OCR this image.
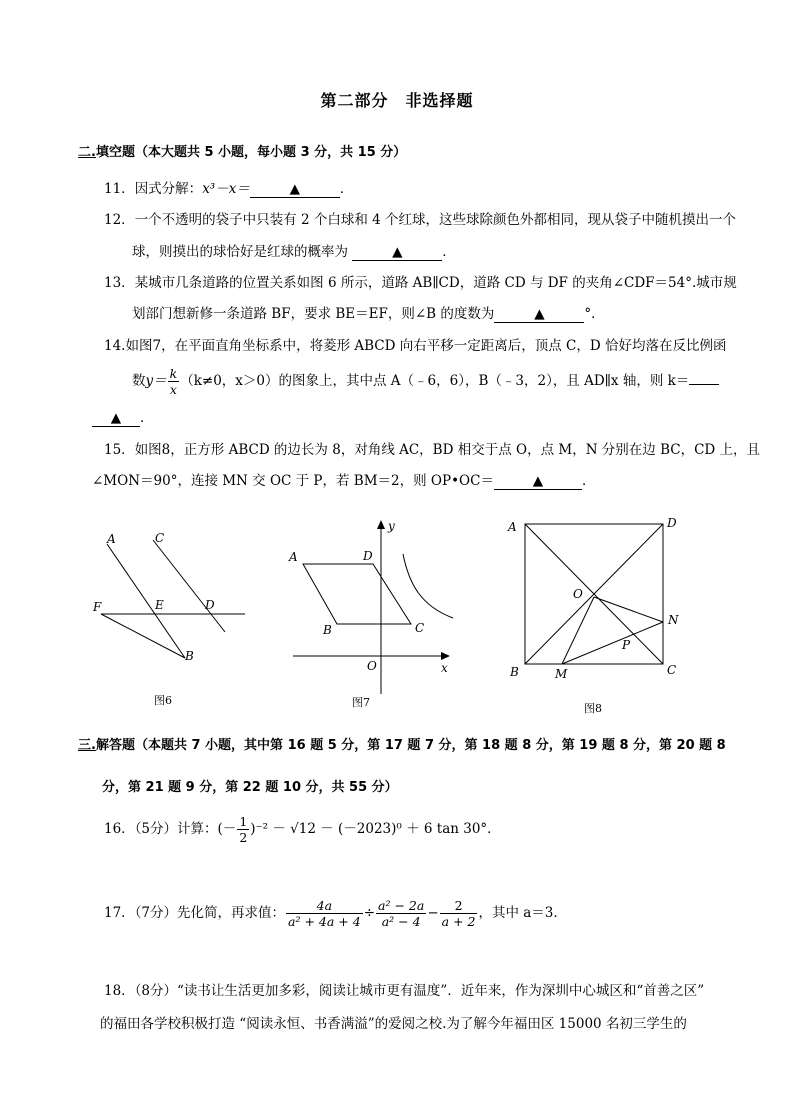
第二部分　非选择题
二.填空题（本大题共 5 小题，每小题 3 分，共 15 分）
11．因式分解：x³－x＝	▲	．
12．一个不透明的袋子中只装有 2 个白球和 4 个红球，这些球除颜色外都相同，现从袋子中随机摸出一个
球，则摸出的球恰好是红球的概率为	▲	．
13．某城市几条道路的位置关系如图 6 所示，道路 AB∥CD，道路 CD 与 DF 的夹角∠CDF＝54°.城市规
划部门想新修一条道路 BF，要求 BE＝EF，则∠B 的度数为	▲	°．
14.如图7，在平面直角坐标系中，将菱形 ABCD 向右平移一定距离后，顶点 C，D 恰好均落在反比例函
数$y= \frac{k}{x} (k\ne 0$，x＞0）的图象上，其中点 A（﹣6，6），B（﹣3，2），且 AD∥x 轴，则 k＝
▲ ．
15．如图8，正方形 ABCD 的边长为 8，对角线 AC，BD 相交于点 O，点 M，N 分别在边 BC，CD 上，且
∠MON＝90°，连接 MN 交 OC 于 P，若 BM＝2，则 OP•OC＝	▲	．
A	C
F	E	D
B
图6
y
A	D
B	C
O	x
图7
A	D
O
N
P
B	M	C
图8
三.解答题（本题共 7 小题，其中第 16 题 5 分，第 17 题 7 分，第 18 题 8 分，第 19 题 8 分，第 20 题 8
分，第 21 题 9 分，第 22 题 10 分，共 55 分）
16．（5分）计算：(－ $\frac{1}{2} )^{-2} - √12 - (-2023)^0 + 6$ tan 30°．
17．（7分）先化简，再求值： $\frac{4a}{\text{a² + 4a + 4}} \div \frac{\text{a² − 2a}}{\text{a² − 4}} - \frac{2}{a + 2}$ ，其中 a＝3．
18．（8分）“读书让生活更加多彩，阅读让城市更有温度”．近年来，作为深圳中心城区和“首善之区”
的福田各学校积极打造 “阅读永恒、书香满溢”的爱阅之校.为了解今年福田区 15000 名初三学生的
